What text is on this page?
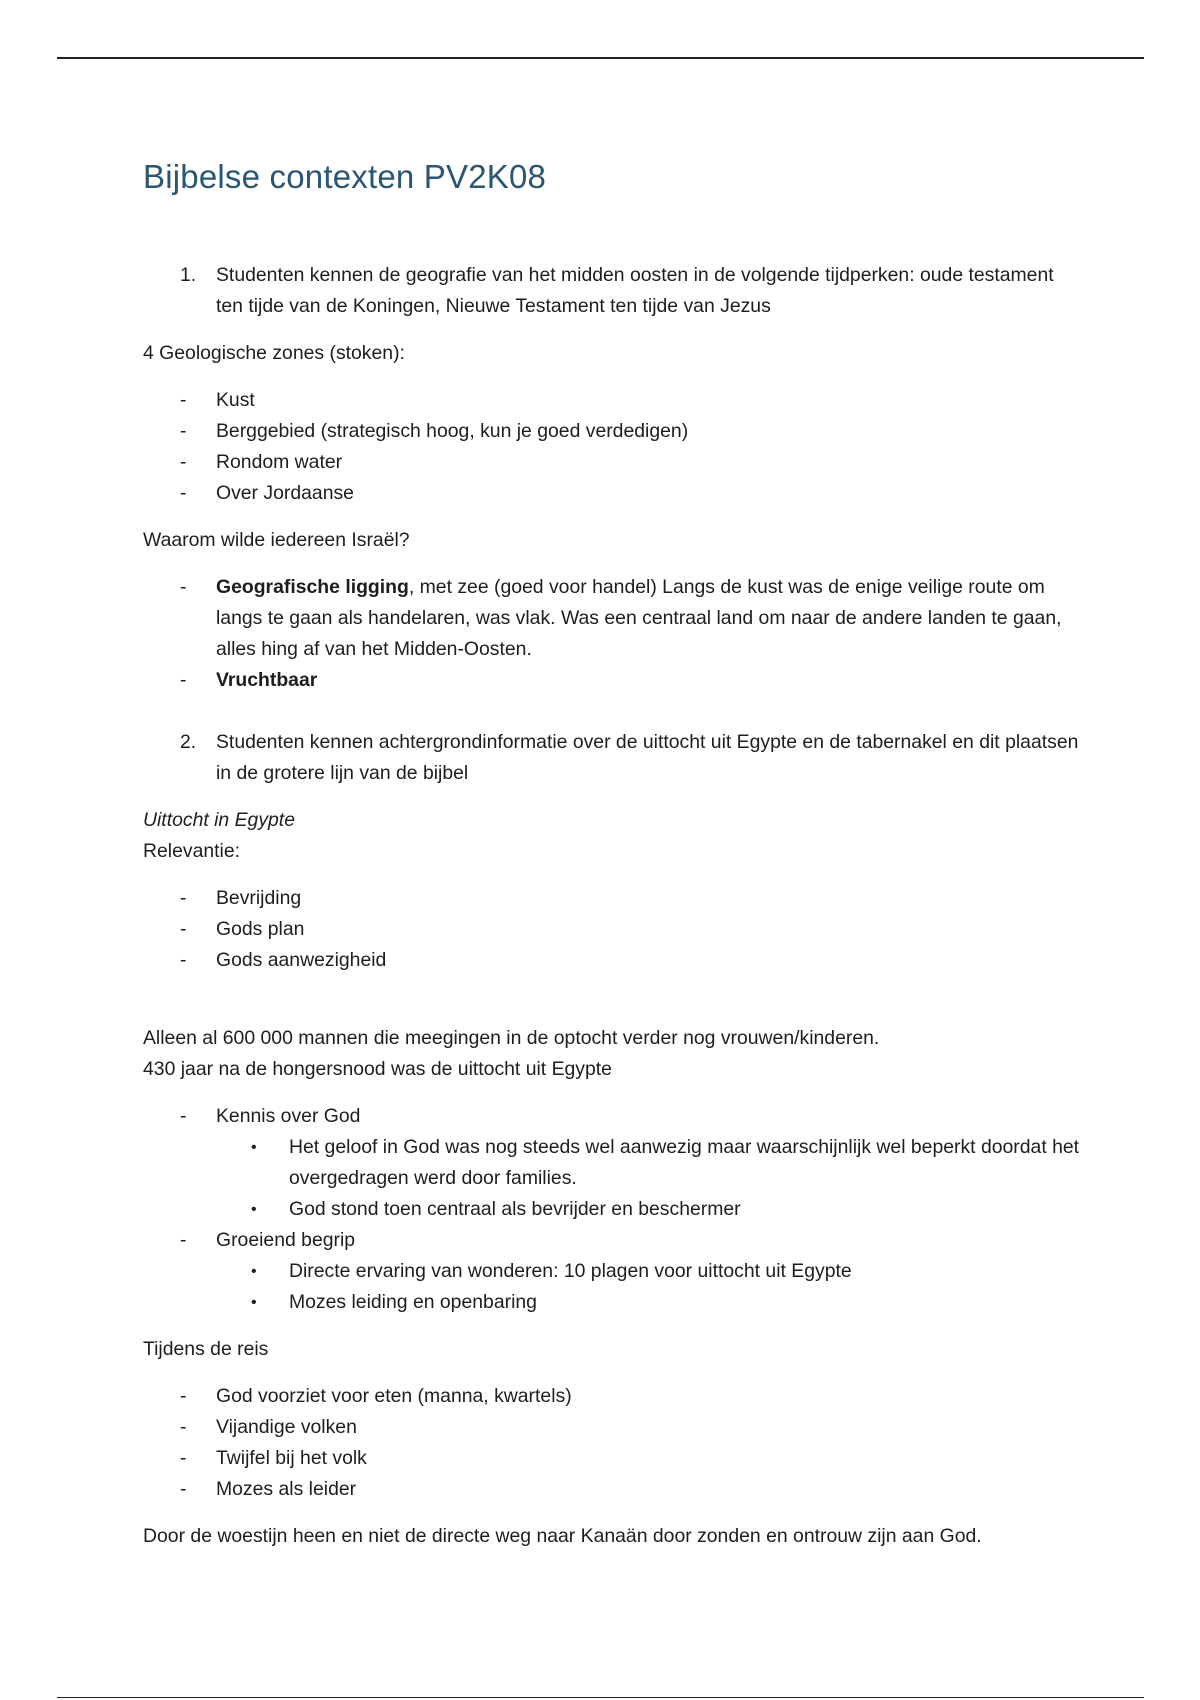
Bijbelse contexten PV2K08
1. Studenten kennen de geografie van het midden oosten in de volgende tijdperken: oude testament ten tijde van de Koningen, Nieuwe Testament ten tijde van Jezus

4 Geologische zones (stoken):

- Kust
- Berggebied (strategisch hoog, kun je goed verdedigen)
- Rondom water
- Over Jordaanse

Waarom wilde iedereen Israël?

- Geografische ligging, met zee (goed voor handel) Langs de kust was de enige veilige route om langs te gaan als handelaren, was vlak. Was een centraal land om naar de andere landen te gaan, alles hing af van het Midden-Oosten.
- Vruchtbaar
2. Studenten kennen achtergrondinformatie over de uittocht uit Egypte en de tabernakel en dit plaatsen in de grotere lijn van de bijbel

Uittocht in Egypte

Relevantie:

- Bevrijding
- Gods plan
- Gods aanwezigheid

Alleen al 600 000 mannen die meegingen in de optocht verder nog vrouwen/kinderen.

430 jaar na de hongersnood was de uittocht uit Egypte

- Kennis over God
• Het geloof in God was nog steeds wel aanwezig maar waarschijnlijk wel beperkt doordat het overgedragen werd door families.
• God stond toen centraal als bevrijder en beschermer
- Groeiend begrip
• Directe ervaring van wonderen: 10 plagen voor uittocht uit Egypte
• Mozes leiding en openbaring

Tijdens de reis

- God voorziet voor eten (manna, kwartels)
- Vijandige volken
- Twijfel bij het volk
- Mozes als leider

Door de woestijn heen en niet de directe weg naar Kanaän door zonden en ontrouw zijn aan God.
